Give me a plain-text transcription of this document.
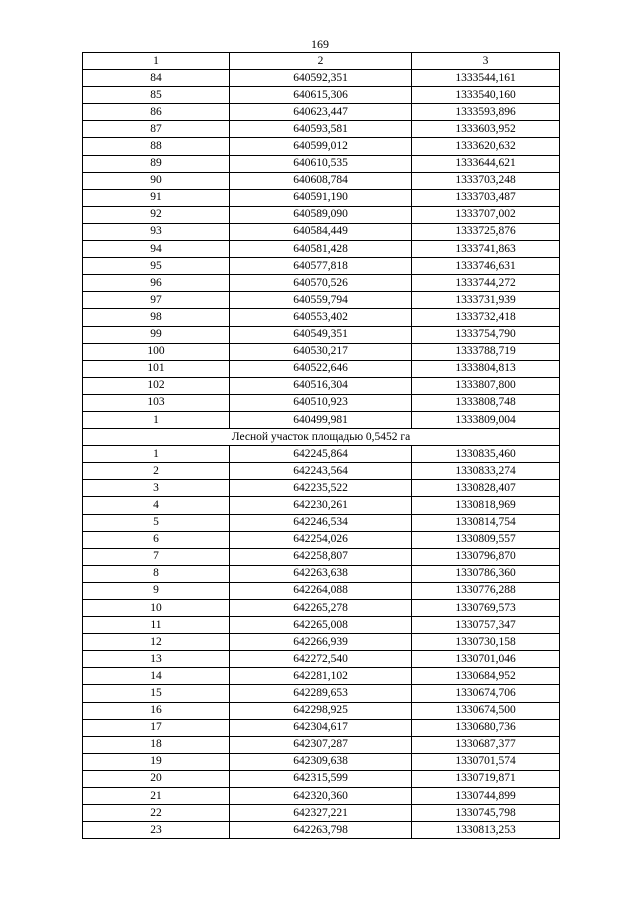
169
1	2	3
84	640592,351	1333544,161
85	640615,306	1333540,160
86	640623,447	1333593,896
87	640593,581	1333603,952
88	640599,012	1333620,632
89	640610,535	1333644,621
90	640608,784	1333703,248
91	640591,190	1333703,487
92	640589,090	1333707,002
93	640584,449	1333725,876
94	640581,428	1333741,863
95	640577,818	1333746,631
96	640570,526	1333744,272
97	640559,794	1333731,939
98	640553,402	1333732,418
99	640549,351	1333754,790
100	640530,217	1333788,719
101	640522,646	1333804,813
102	640516,304	1333807,800
103	640510,923	1333808,748
1	640499,981	1333809,004
Лесной участок площадью 0,5452 га		
1	642245,864	1330835,460
2	642243,564	1330833,274
3	642235,522	1330828,407
4	642230,261	1330818,969
5	642246,534	1330814,754
6	642254,026	1330809,557
7	642258,807	1330796,870
8	642263,638	1330786,360
9	642264,088	1330776,288
10	642265,278	1330769,573
11	642265,008	1330757,347
12	642266,939	1330730,158
13	642272,540	1330701,046
14	642281,102	1330684,952
15	642289,653	1330674,706
16	642298,925	1330674,500
17	642304,617	1330680,736
18	642307,287	1330687,377
19	642309,638	1330701,574
20	642315,599	1330719,871
21	642320,360	1330744,899
22	642327,221	1330745,798
23	642263,798	1330813,253
